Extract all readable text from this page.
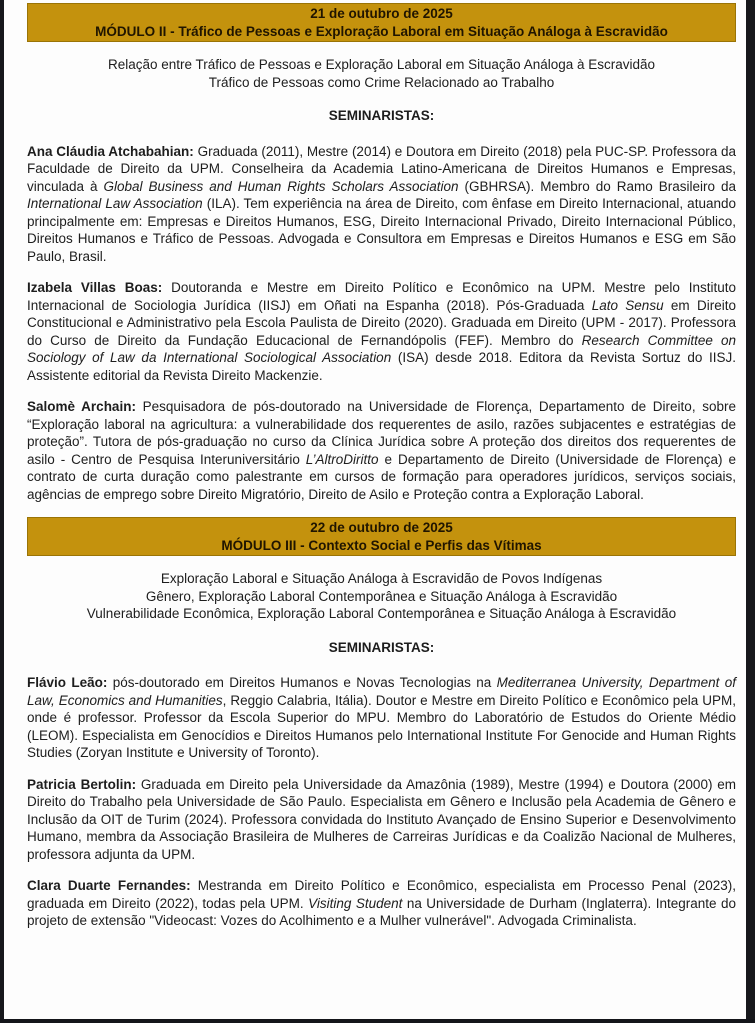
21 de outubro de 2025
MÓDULO II - Tráfico de Pessoas e Exploração Laboral em Situação Análoga à Escravidão
Relação entre Tráfico de Pessoas e Exploração Laboral em Situação Análoga à Escravidão
Tráfico de Pessoas como Crime Relacionado ao Trabalho
SEMINARISTAS:

Ana Cláudia Atchabahian: Graduada (2011), Mestre (2014) e Doutora em Direito (2018) pela PUC-SP. Professora da Faculdade de Direito da UPM. Conselheira da Academia Latino-Americana de Direitos Humanos e Empresas, vinculada à Global Business and Human Rights Scholars Association (GBHRSA). Membro do Ramo Brasileiro da International Law Association (ILA). Tem experiência na área de Direito, com ênfase em Direito Internacional, atuando principalmente em: Empresas e Direitos Humanos, ESG, Direito Internacional Privado, Direito Internacional Público, Direitos Humanos e Tráfico de Pessoas. Advogada e Consultora em Empresas e Direitos Humanos e ESG em São Paulo, Brasil.

Izabela Villas Boas: Doutoranda e Mestre em Direito Político e Econômico na UPM. Mestre pelo Instituto Internacional de Sociologia Jurídica (IISJ) em Oñati na Espanha (2018). Pós-Graduada Lato Sensu em Direito Constitucional e Administrativo pela Escola Paulista de Direito (2020). Graduada em Direito (UPM - 2017). Professora do Curso de Direito da Fundação Educacional de Fernandópolis (FEF). Membro do Research Committee on Sociology of Law da International Sociological Association (ISA) desde 2018. Editora da Revista Sortuz do IISJ. Assistente editorial da Revista Direito Mackenzie.

Salomè Archain: Pesquisadora de pós-doutorado na Universidade de Florença, Departamento de Direito, sobre “Exploração laboral na agricultura: a vulnerabilidade dos requerentes de asilo, razões subjacentes e estratégias de proteção”. Tutora de pós-graduação no curso da Clínica Jurídica sobre A proteção dos direitos dos requerentes de asilo - Centro de Pesquisa Interuniversitário L’AltroDiritto e Departamento de Direito (Universidade de Florença) e contrato de curta duração como palestrante em cursos de formação para operadores jurídicos, serviços sociais, agências de emprego sobre Direito Migratório, Direito de Asilo e Proteção contra a Exploração Laboral.

22 de outubro de 2025
MÓDULO III - Contexto Social e Perfis das Vítimas
Exploração Laboral e Situação Análoga à Escravidão de Povos Indígenas
Gênero, Exploração Laboral Contemporânea e Situação Análoga à Escravidão
Vulnerabilidade Econômica, Exploração Laboral Contemporânea e Situação Análoga à Escravidão
SEMINARISTAS:

Flávio Leão: pós-doutorado em Direitos Humanos e Novas Tecnologias na Mediterranea University, Department of Law, Economics and Humanities, Reggio Calabria, Itália). Doutor e Mestre em Direito Político e Econômico pela UPM, onde é professor. Professor da Escola Superior do MPU. Membro do Laboratório de Estudos do Oriente Médio (LEOM). Especialista em Genocídios e Direitos Humanos pelo International Institute For Genocide and Human Rights Studies (Zoryan Institute e University of Toronto).

Patricia Bertolin: Graduada em Direito pela Universidade da Amazônia (1989), Mestre (1994) e Doutora (2000) em Direito do Trabalho pela Universidade de São Paulo. Especialista em Gênero e Inclusão pela Academia de Gênero e Inclusão da OIT de Turim (2024). Professora convidada do Instituto Avançado de Ensino Superior e Desenvolvimento Humano, membra da Associação Brasileira de Mulheres de Carreiras Jurídicas e da Coalizão Nacional de Mulheres, professora adjunta da UPM.

Clara Duarte Fernandes: Mestranda em Direito Político e Econômico, especialista em Processo Penal (2023), graduada em Direito (2022), todas pela UPM. Visiting Student na Universidade de Durham (Inglaterra). Integrante do projeto de extensão "Videocast: Vozes do Acolhimento e a Mulher vulnerável". Advogada Criminalista.
